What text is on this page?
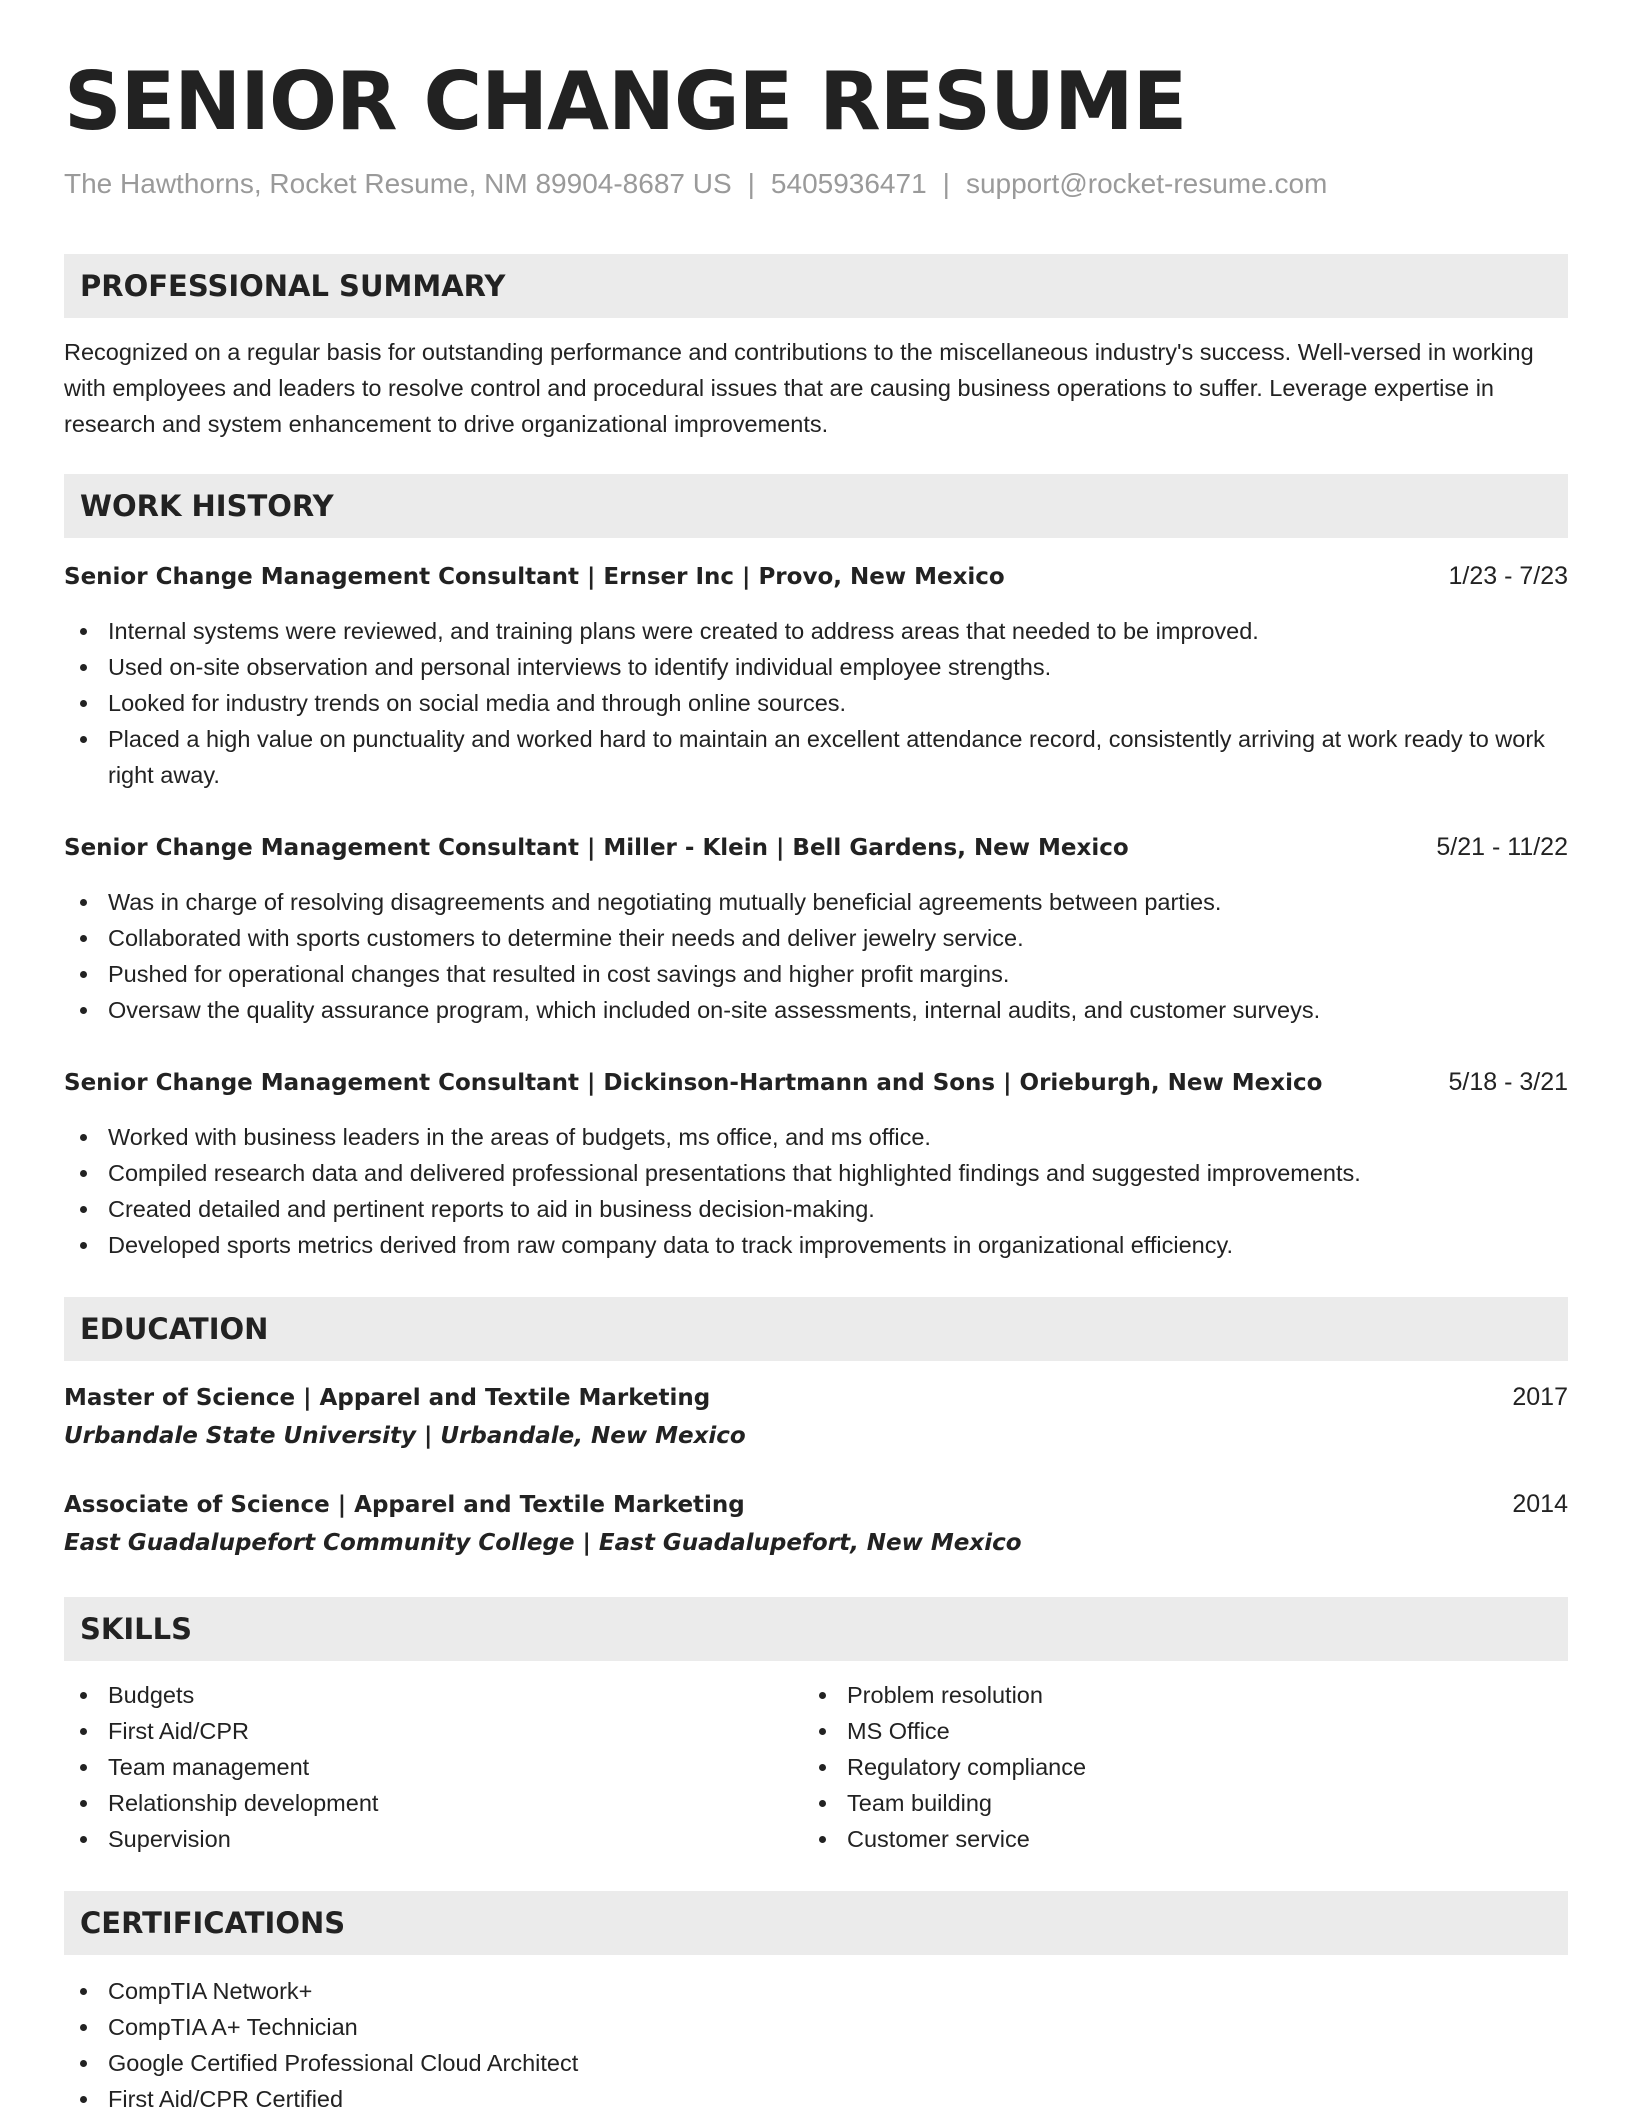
SENIOR CHANGE RESUME
The Hawthorns, Rocket Resume, NM 89904-8687 US | 5405936471 | support@rocket-resume.com
PROFESSIONAL SUMMARY
Recognized on a regular basis for outstanding performance and contributions to the miscellaneous industry's success. Well-versed in working with employees and leaders to resolve control and procedural issues that are causing business operations to suffer. Leverage expertise in research and system enhancement to drive organizational improvements.
WORK HISTORY
Senior Change Management Consultant | Ernser Inc | Provo, New Mexico	1/23 - 7/23
Internal systems were reviewed, and training plans were created to address areas that needed to be improved.
Used on-site observation and personal interviews to identify individual employee strengths.
Looked for industry trends on social media and through online sources.
Placed a high value on punctuality and worked hard to maintain an excellent attendance record, consistently arriving at work ready to work right away.
Senior Change Management Consultant | Miller - Klein | Bell Gardens, New Mexico	5/21 - 11/22
Was in charge of resolving disagreements and negotiating mutually beneficial agreements between parties.
Collaborated with sports customers to determine their needs and deliver jewelry service.
Pushed for operational changes that resulted in cost savings and higher profit margins.
Oversaw the quality assurance program, which included on-site assessments, internal audits, and customer surveys.
Senior Change Management Consultant | Dickinson-Hartmann and Sons | Orieburgh, New Mexico	5/18 - 3/21
Worked with business leaders in the areas of budgets, ms office, and ms office.
Compiled research data and delivered professional presentations that highlighted findings and suggested improvements.
Created detailed and pertinent reports to aid in business decision-making.
Developed sports metrics derived from raw company data to track improvements in organizational efficiency.
EDUCATION
Master of Science | Apparel and Textile Marketing	2017
Urbandale State University | Urbandale, New Mexico
Associate of Science | Apparel and Textile Marketing	2014
East Guadalupefort Community College | East Guadalupefort, New Mexico
SKILLS
Budgets
First Aid/CPR
Team management
Relationship development
Supervision
Problem resolution
MS Office
Regulatory compliance
Team building
Customer service
CERTIFICATIONS
CompTIA Network+
CompTIA A+ Technician
Google Certified Professional Cloud Architect
First Aid/CPR Certified
